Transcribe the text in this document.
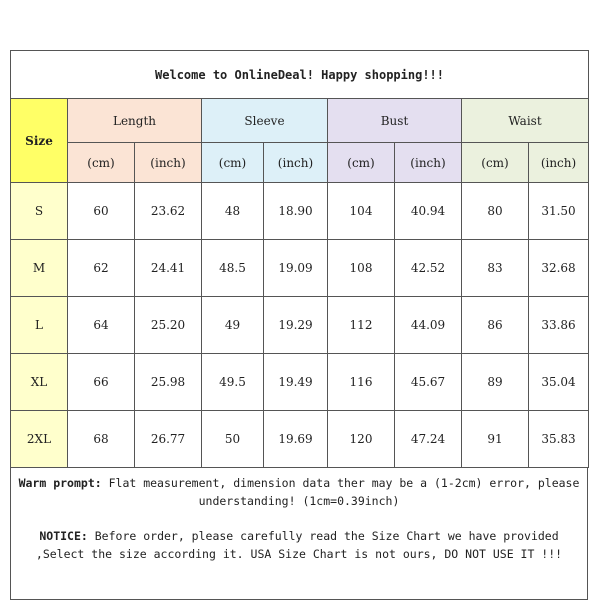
Welcome to OnlineDeal! Happy shopping!!!								
Size	Length		Sleeve		Bust		Waist	
	(cm)	(inch)	(cm)	(inch)	(cm)	(inch)	(cm)	(inch)
S	60	23.62	48	18.90	104	40.94	80	31.50
M	62	24.41	48.5	19.09	108	42.52	83	32.68
L	64	25.20	49	19.29	112	44.09	86	33.86
XL	66	25.98	49.5	19.49	116	45.67	89	35.04
2XL	68	26.77	50	19.69	120	47.24	91	35.83
Warm prompt: Flat measurement, dimension data ther may be a (1-2cm) error, please understanding! (1cm=0.39inch)
NOTICE: Before order, please carefully read the Size Chart we have provided ,Select the size according it. USA Size Chart is not ours, DO NOT USE IT !!!
